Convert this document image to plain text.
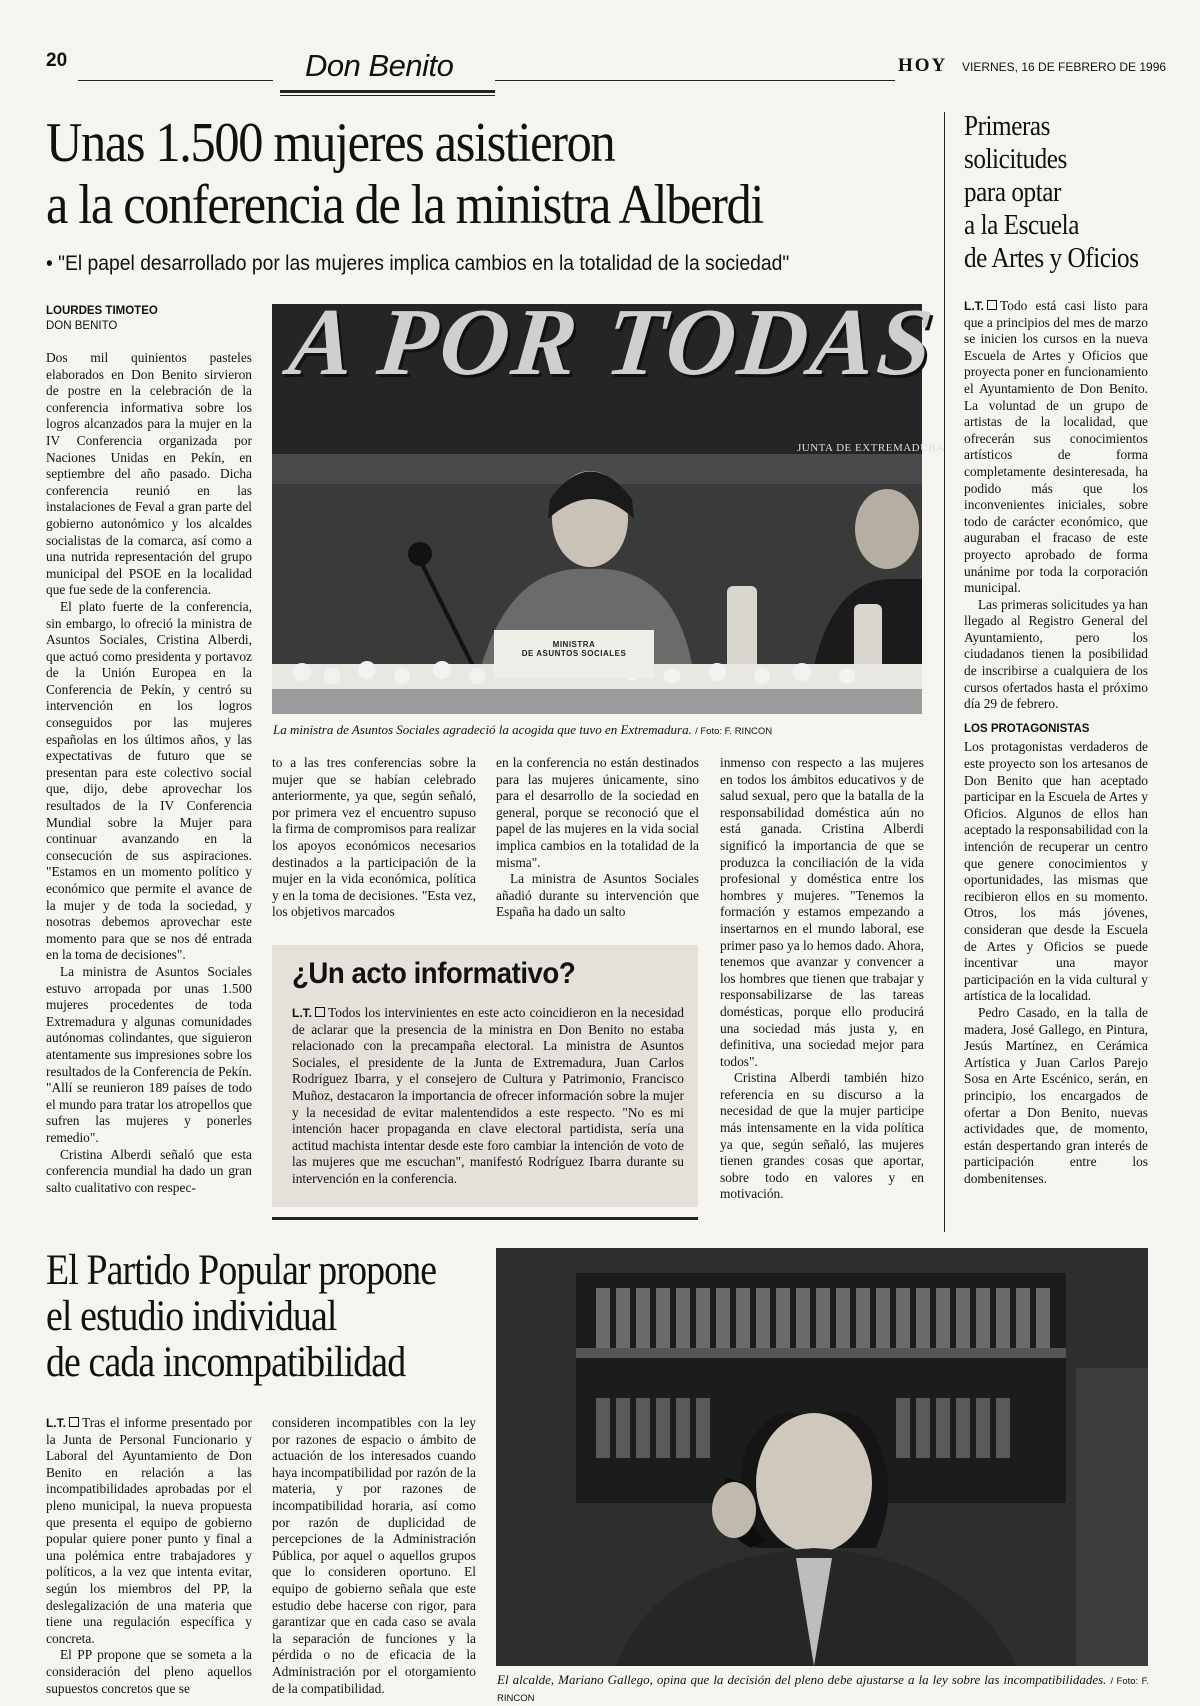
20	Don Benito	HOY VIERNES, 16 DE FEBRERO DE 1996
Unas 1.500 mujeres asistieron
a la conferencia de la ministra Alberdi
• "El papel desarrollado por las mujeres implica cambios en la totalidad de la sociedad"
LOURDES TIMOTEO
DON BENITO

Dos mil quinientos pasteles elaborados en Don Benito sirvieron de postre en la celebración de la conferencia informativa sobre los logros alcanzados para la mujer en la IV Conferencia organizada por Naciones Unidas en Pekín, en septiembre del año pasado. Dicha conferencia reunió en las instalaciones de Feval a gran parte del gobierno autonómico y los alcaldes socialistas de la comarca, así como a una nutrida representación del grupo municipal del PSOE en la localidad que fue sede de la conferencia.

El plato fuerte de la conferencia, sin embargo, lo ofreció la ministra de Asuntos Sociales, Cristina Alberdi, que actuó como presidenta y portavoz de la Unión Europea en la Conferencia de Pekín, y centró su intervención en los logros conseguidos por las mujeres españolas en los últimos años, y las expectativas de futuro que se presentan para este colectivo social que, dijo, debe aprovechar los resultados de la IV Conferencia Mundial sobre la Mujer para continuar avanzando en la consecución de sus aspiraciones. "Estamos en un momento político y económico que permite el avance de la mujer y de toda la sociedad, y nosotras debemos aprovechar este momento para que se nos dé entrada en la toma de decisiones".

La ministra de Asuntos Sociales estuvo arropada por unas 1.500 mujeres procedentes de toda Extremadura y algunas comunidades autónomas colindantes, que siguieron atentamente sus impresiones sobre los resultados de la Conferencia de Pekín. "Allí se reunieron 189 países de todo el mundo para tratar los atropellos que sufren las mujeres y ponerles remedio".

Cristina Alberdi señaló que esta conferencia mundial ha dado un gran salto cualitativo con respec-

A POR TODAS
JUNTA DE EXTREMADURA
MINISTRA
DE ASUNTOS SOCIALES
La ministra de Asuntos Sociales agradeció la acogida que tuvo en Extremadura. / Foto: F. RINCON

to a las tres conferencias sobre la mujer que se habían celebrado anteriormente, ya que, según señaló, por primera vez el encuentro supuso la firma de compromisos para realizar los apoyos económicos necesarios destinados a la participación de la mujer en la vida económica, política y en la toma de decisiones. "Esta vez, los objetivos marcados

en la conferencia no están destinados para las mujeres únicamente, sino para el desarrollo de la sociedad en general, porque se reconoció que el papel de las mujeres en la vida social implica cambios en la totalidad de la misma".

La ministra de Asuntos Sociales añadió durante su intervención que España ha dado un salto

inmenso con respecto a las mujeres en todos los ámbitos educativos y de salud sexual, pero que la batalla de la responsabilidad doméstica aún no está ganada. Cristina Alberdi significó la importancia de que se produzca la conciliación de la vida profesional y doméstica entre los hombres y mujeres. "Tenemos la formación y estamos empezando a insertarnos en el mundo laboral, ese primer paso ya lo hemos dado. Ahora, tenemos que avanzar y convencer a los hombres que tienen que trabajar y responsabilizarse de las tareas domésticas, porque ello producirá una sociedad más justa y, en definitiva, una sociedad mejor para todos".

Cristina Alberdi también hizo referencia en su discurso a la necesidad de que la mujer participe más intensamente en la vida política ya que, según señaló, las mujeres tienen grandes cosas que aportar, sobre todo en valores y en motivación.

¿Un acto informativo?
L.T. Todos los intervinientes en este acto coincidieron en la necesidad de aclarar que la presencia de la ministra en Don Benito no estaba relacionado con la precampaña electoral. La ministra de Asuntos Sociales, el presidente de la Junta de Extremadura, Juan Carlos Rodríguez Ibarra, y el consejero de Cultura y Patrimonio, Francisco Muñoz, destacaron la importancia de ofrecer información sobre la mujer y la necesidad de evitar malentendidos a este respecto. "No es mi intención hacer propaganda en clave electoral partidista, sería una actitud machista intentar desde este foro cambiar la intención de voto de las mujeres que me escuchan", manifestó Rodríguez Ibarra durante su intervención en la conferencia.
Primeras
solicitudes
para optar
a la Escuela
de Artes y Oficios

L.T. Todo está casi listo para que a principios del mes de marzo se inicien los cursos en la nueva Escuela de Artes y Oficios que proyecta poner en funcionamiento el Ayuntamiento de Don Benito. La voluntad de un grupo de artistas de la localidad, que ofrecerán sus conocimientos artísticos de forma completamente desinteresada, ha podido más que los inconvenientes iniciales, sobre todo de carácter económico, que auguraban el fracaso de este proyecto aprobado de forma unánime por toda la corporación municipal.

Las primeras solicitudes ya han llegado al Registro General del Ayuntamiento, pero los ciudadanos tienen la posibilidad de inscribirse a cualquiera de los cursos ofertados hasta el próximo día 29 de febrero.

LOS PROTAGONISTAS

Los protagonistas verdaderos de este proyecto son los artesanos de Don Benito que han aceptado participar en la Escuela de Artes y Oficios. Algunos de ellos han aceptado la responsabilidad con la intención de recuperar un centro que genere conocimientos y oportunidades, las mismas que recibieron ellos en su momento. Otros, los más jóvenes, consideran que desde la Escuela de Artes y Oficios se puede incentivar una mayor participación en la vida cultural y artística de la localidad.

Pedro Casado, en la talla de madera, José Gallego, en Pintura, Jesús Martínez, en Cerámica Artística y Juan Carlos Parejo Sosa en Arte Escénico, serán, en principio, los encargados de ofertar a Don Benito, nuevas actividades que, de momento, están despertando gran interés de participación entre los dombenitenses.

El Partido Popular propone
el estudio individual
de cada incompatibilidad

L.T. Tras el informe presentado por la Junta de Personal Funcionario y Laboral del Ayuntamiento de Don Benito en relación a las incompatibilidades aprobadas por el pleno municipal, la nueva propuesta que presenta el equipo de gobierno popular quiere poner punto y final a una polémica entre trabajadores y políticos, a la vez que intenta evitar, según los miembros del PP, la deslegalización de una materia que tiene una regulación específica y concreta.

El PP propone que se someta a la consideración del pleno aquellos supuestos concretos que se

consideren incompatibles con la ley por razones de espacio o ámbito de actuación de los interesados cuando haya incompatibilidad por razón de la materia, y por razones de incompatibilidad horaria, así como por razón de duplicidad de percepciones de la Administración Pública, por aquel o aquellos grupos que lo consideren oportuno. El equipo de gobierno señala que este estudio debe hacerse con rigor, para garantizar que en cada caso se avala la separación de funciones y la pérdida o no de eficacia de la Administración por el otorgamiento de la compatibilidad.

El alcalde, Mariano Gallego, opina que la decisión del pleno debe ajustarse a la ley sobre las incompatibilidades. / Foto: F. RINCON
